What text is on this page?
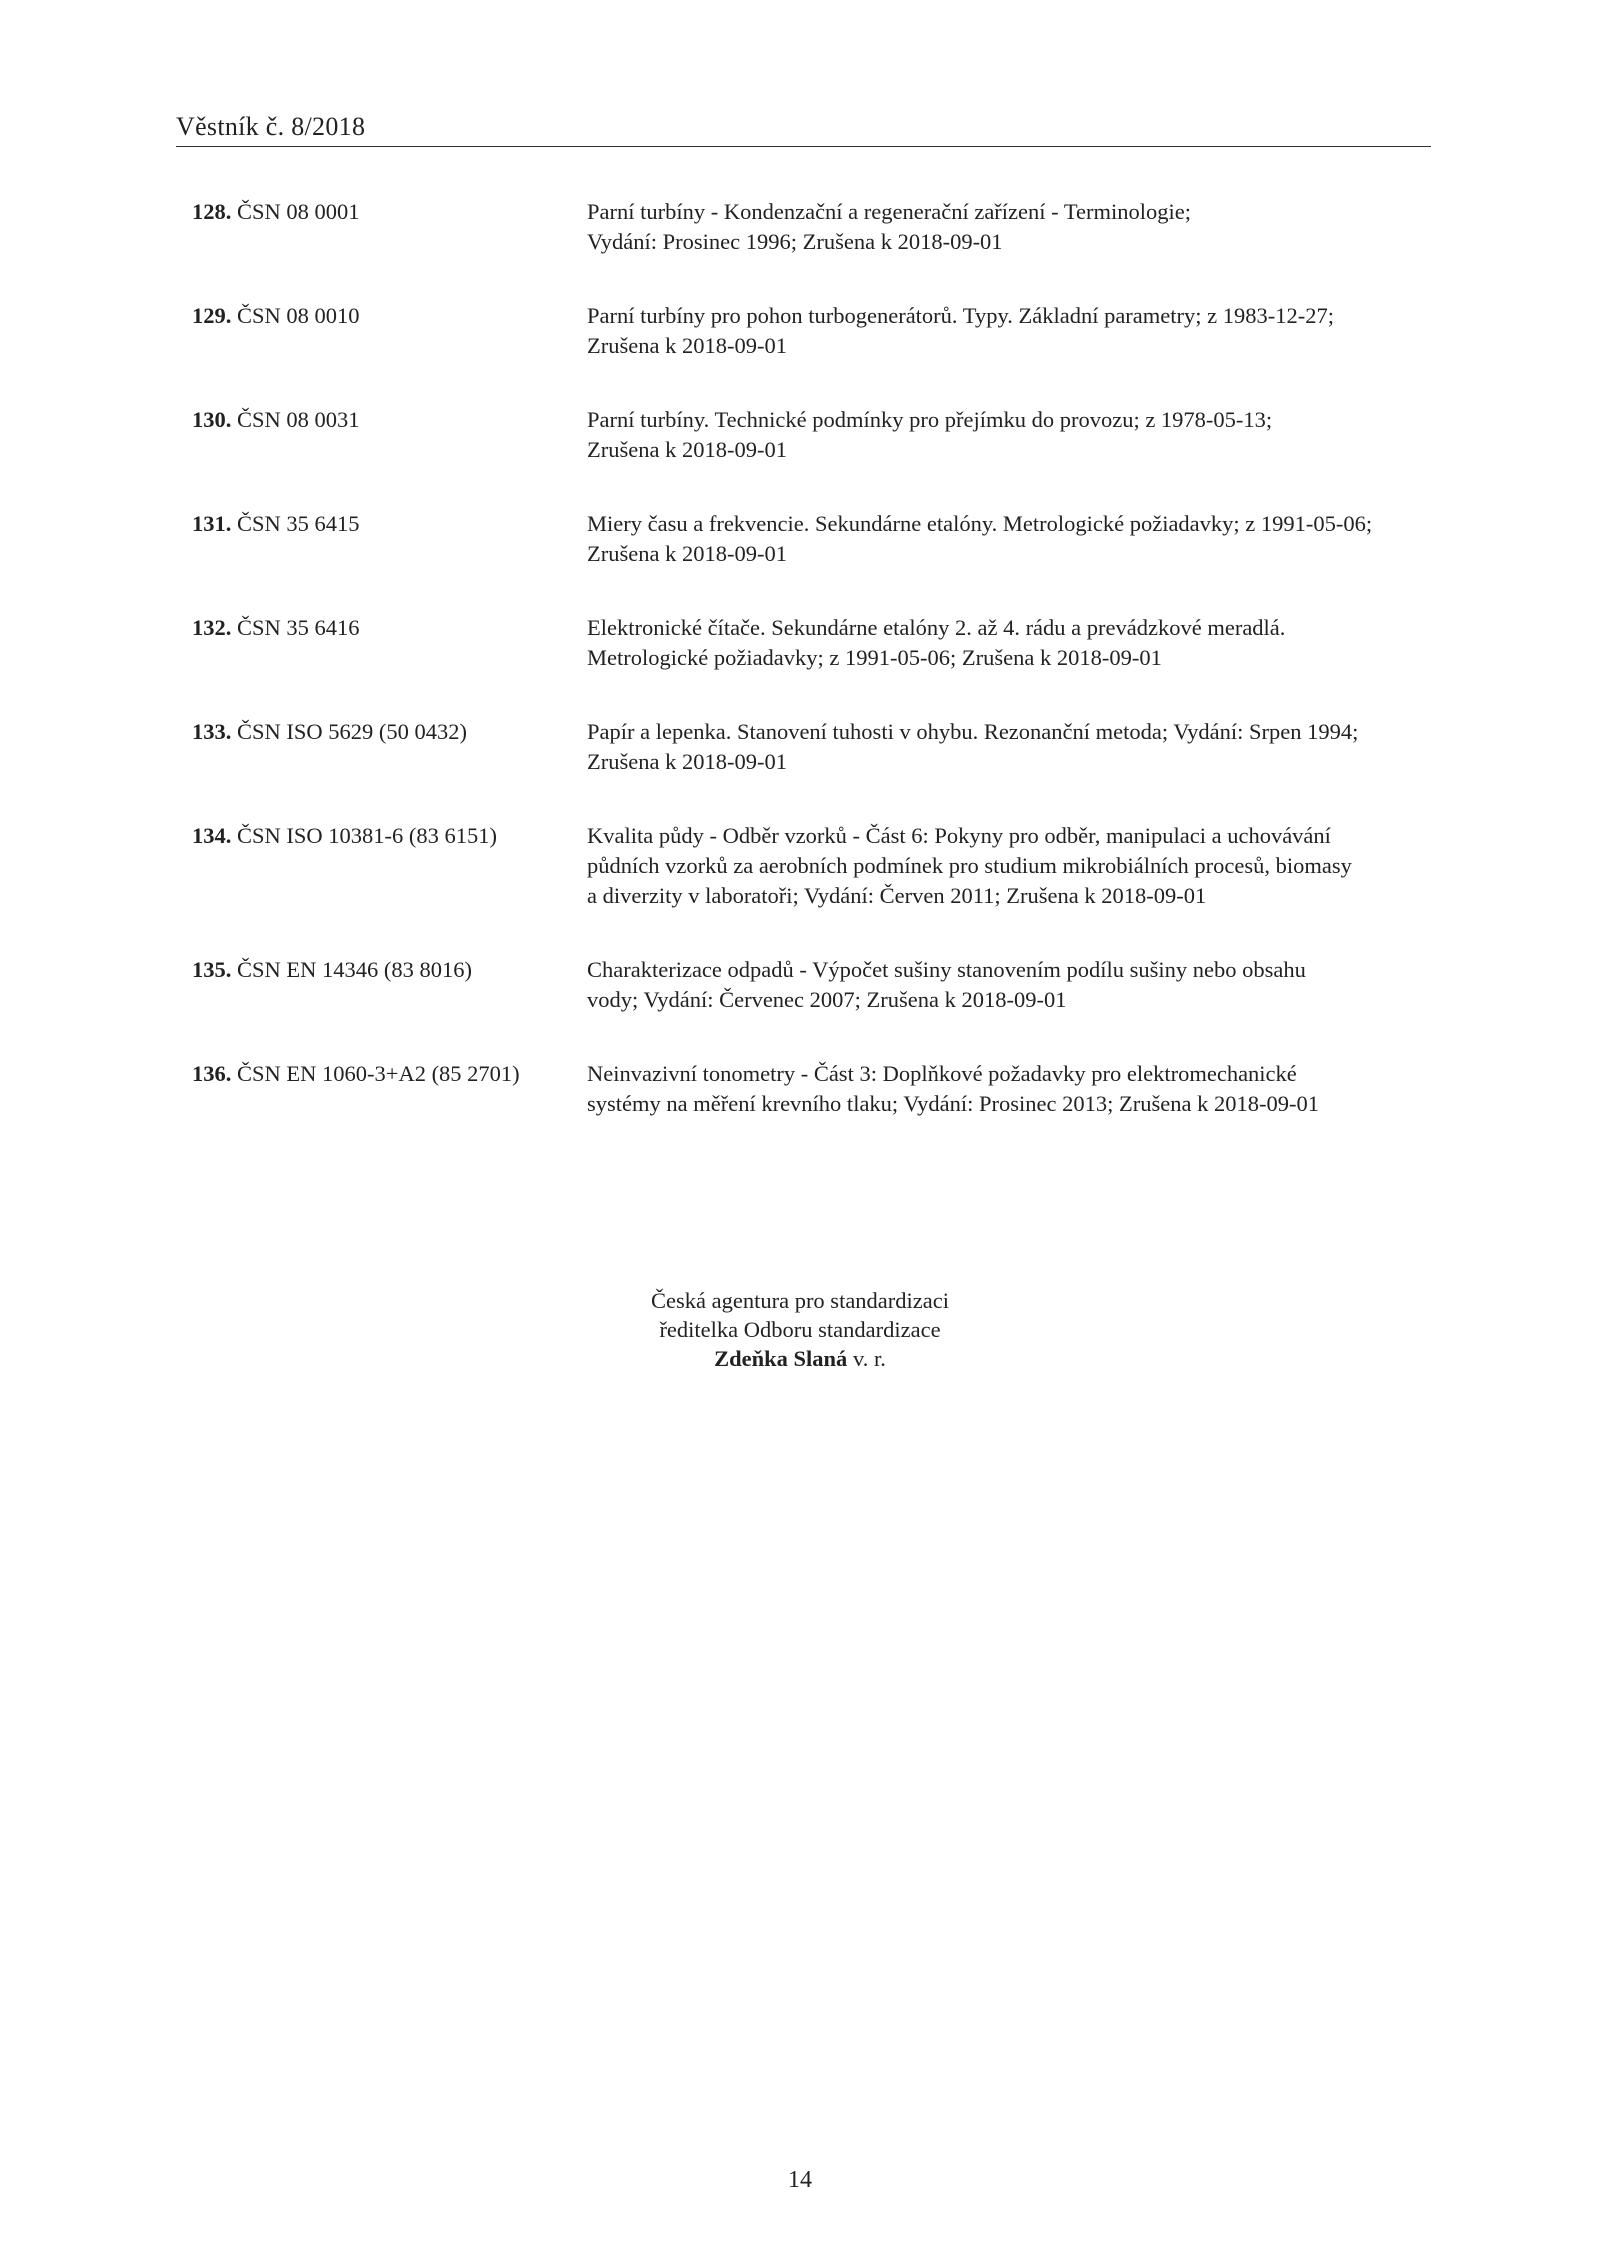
Věstník č. 8/2018
128. ČSN 08 0001	Parní turbíny - Kondenzační a regenerační zařízení - Terminologie;
Vydání: Prosinec 1996; Zrušena k 2018-09-01
129. ČSN 08 0010	Parní turbíny pro pohon turbogenerátorů. Typy. Základní parametry; z 1983-12-27;
Zrušena k 2018-09-01
130. ČSN 08 0031	Parní turbíny. Technické podmínky pro přejímku do provozu; z 1978-05-13;
Zrušena k 2018-09-01
131. ČSN 35 6415	Miery času a frekvencie. Sekundárne etalóny. Metrologické požiadavky; z 1991-05-06;
Zrušena k 2018-09-01
132. ČSN 35 6416	Elektronické čítače. Sekundárne etalóny 2. až 4. rádu a prevádzkové meradlá.
Metrologické požiadavky; z 1991-05-06; Zrušena k 2018-09-01
133. ČSN ISO 5629 (50 0432)	Papír a lepenka. Stanovení tuhosti v ohybu. Rezonanční metoda; Vydání: Srpen 1994;
Zrušena k 2018-09-01
134. ČSN ISO 10381-6 (83 6151)	Kvalita půdy - Odběr vzorků - Část 6: Pokyny pro odběr, manipulaci a uchovávání
půdních vzorků za aerobních podmínek pro studium mikrobiálních procesů, biomasy
a diverzity v laboratoři; Vydání: Červen 2011; Zrušena k 2018-09-01
135. ČSN EN 14346 (83 8016)	Charakterizace odpadů - Výpočet sušiny stanovením podílu sušiny nebo obsahu
vody; Vydání: Červenec 2007; Zrušena k 2018-09-01
136. ČSN EN 1060-3+A2 (85 2701)	Neinvazivní tonometry - Část 3: Doplňkové požadavky pro elektromechanické
systémy na měření krevního tlaku; Vydání: Prosinec 2013; Zrušena k 2018-09-01
Česká agentura pro standardizaci
ředitelka Odboru standardizace
Zdeňka Slaná v. r.
14
